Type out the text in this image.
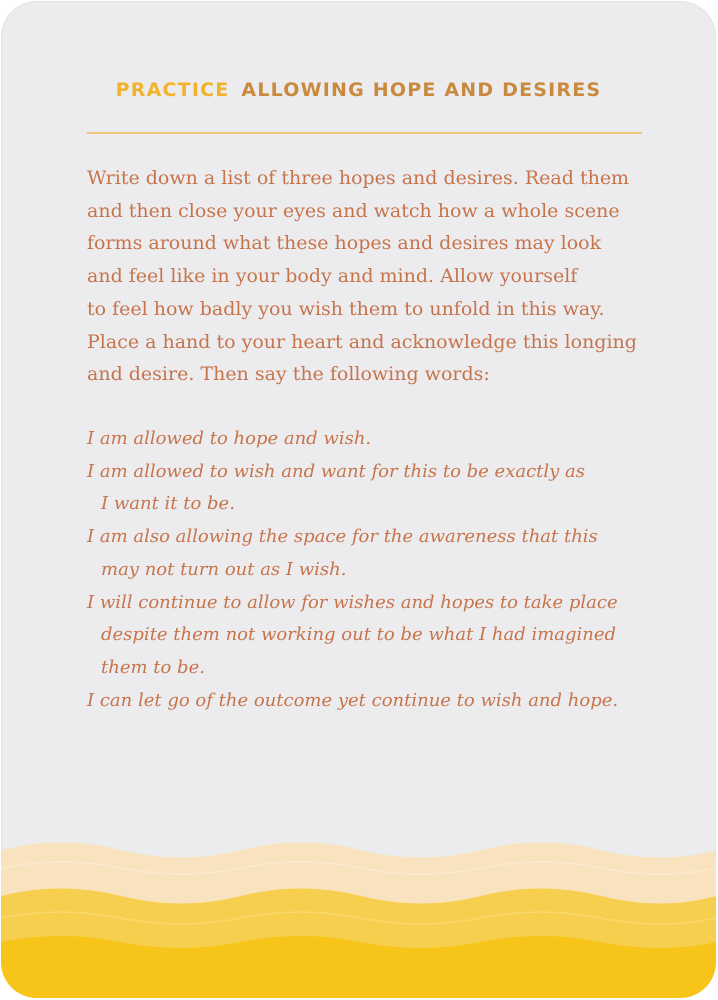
PRACTICE ALLOWING HOPE AND DESIRES

Write down a list of three hopes and desires. Read them
and then close your eyes and watch how a whole scene
forms around what these hopes and desires may look
and feel like in your body and mind. Allow yourself
to feel how badly you wish them to unfold in this way.
Place a hand to your heart and acknowledge this longing
and desire. Then say the following words:

I am allowed to hope and wish.
I am allowed to wish and want for this to be exactly as
I want it to be.
I am also allowing the space for the awareness that this
may not turn out as I wish.
I will continue to allow for wishes and hopes to take place
despite them not working out to be what I had imagined
them to be.
I can let go of the outcome yet continue to wish and hope.
